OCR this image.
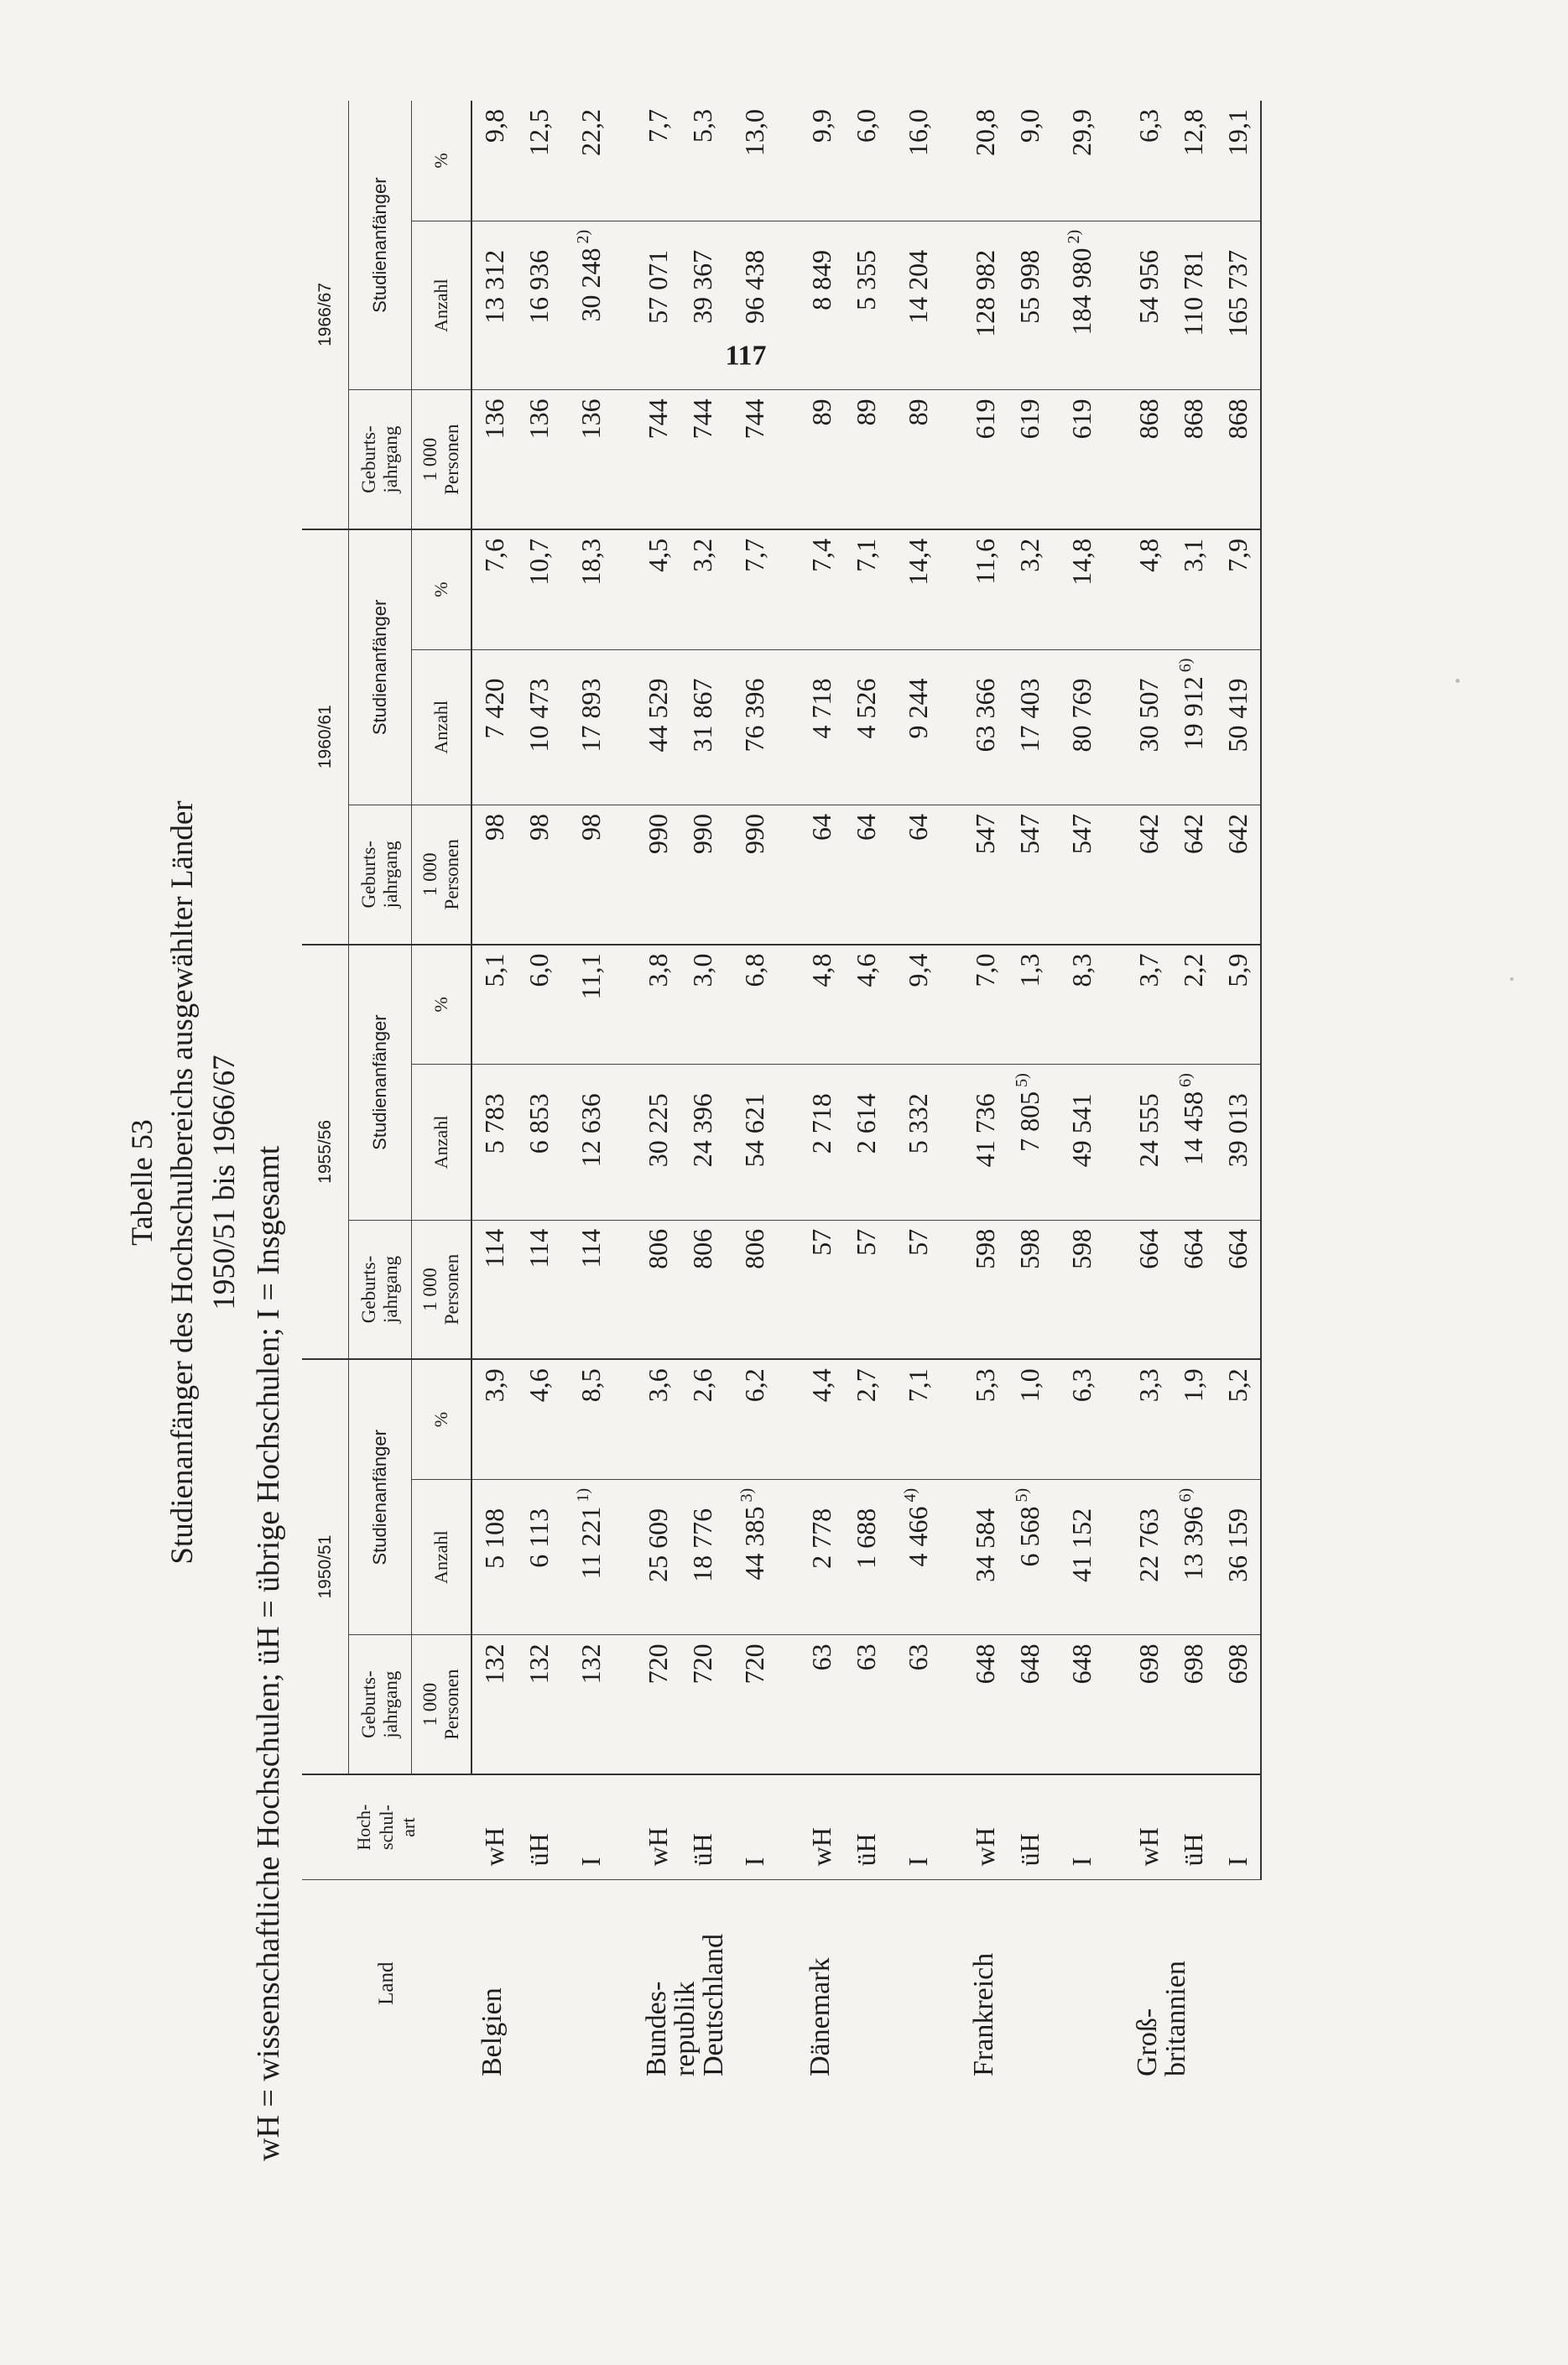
Tabelle 53 Studienanfänger des Hochschulbereichs ausgewählter Länder 1950/51 bis 1966/67 wH = wissenschaftliche Hochschulen; üH = übrige Hochschulen; I = Insgesamt	Land	Hoch-
schul-
art	1950/51			1955/56			1960/61			1966/67		
		Geburts-
jahrgang	Studienanfänger		Geburts-
jahrgang	Studienanfänger		Geburts-
jahrgang	Studienanfänger		Geburts-
jahrgang	Studienanfänger	
		1 000
Personen	Anzahl	%	1 000
Personen	Anzahl	%	1 000
Personen	Anzahl	%	1 000
Personen	Anzahl	%
Belgien	wH	132	5 108	3,9	114	5 783	5,1	98	7 420	7,6	136	13 312	9,8
	üH	132	6 113	4,6	114	6 853	6,0	98	10 473	10,7	136	16 936	12,5
	I	132	11 221 $^{1)}$	8,5	114	12 636	11,1	98	17 893	18,3	136	30 248 $^{2)}$	22,2
Bundes-
republik
Deutschland	wH	720	25 609	3,6	806	30 225	3,8	990	44 529	4,5	744	57 071	7,7
	üH	720	18 776	2,6	806	24 396	3,0	990	31 867	3,2	744	39 367	5,3
	I	720	44 385 $^{3)}$	6,2	806	54 621	6,8	990	76 396	7,7	744	96 438	13,0
Dänemark	wH	63	2 778	4,4	57	2 718	4,8	64	4 718	7,4	89	8 849	9,9
	üH	63	1 688	2,7	57	2 614	4,6	64	4 526	7,1	89	5 355	6,0
	I	63	4 466 $^{4)}$	7,1	57	5 332	9,4	64	9 244	14,4	89	14 204	16,0
Frankreich	wH	648	34 584	5,3	598	41 736	7,0	547	63 366	11,6	619	128 982	20,8
	üH	648	6 568 $^{5)}$	1,0	598	7 805 $^{5)}$	1,3	547	17 403	3,2	619	55 998	9,0
	I	648	41 152	6,3	598	49 541	8,3	547	80 769	14,8	619	184 980 $^{2)}$	29,9
Groß-
britannien	wH	698	22 763	3,3	664	24 555	3,7	642	30 507	4,8	868	54 956	6,3
	üH	698	13 396 $^{6)}$	1,9	664	14 458 $^{6)}$	2,2	642	19 912 $^{6)}$	3,1	868	110 781	12,8
	I	698	36 159	5,2	664	39 013	5,9	642	50 419	7,9	868	165 737	19,1
117
